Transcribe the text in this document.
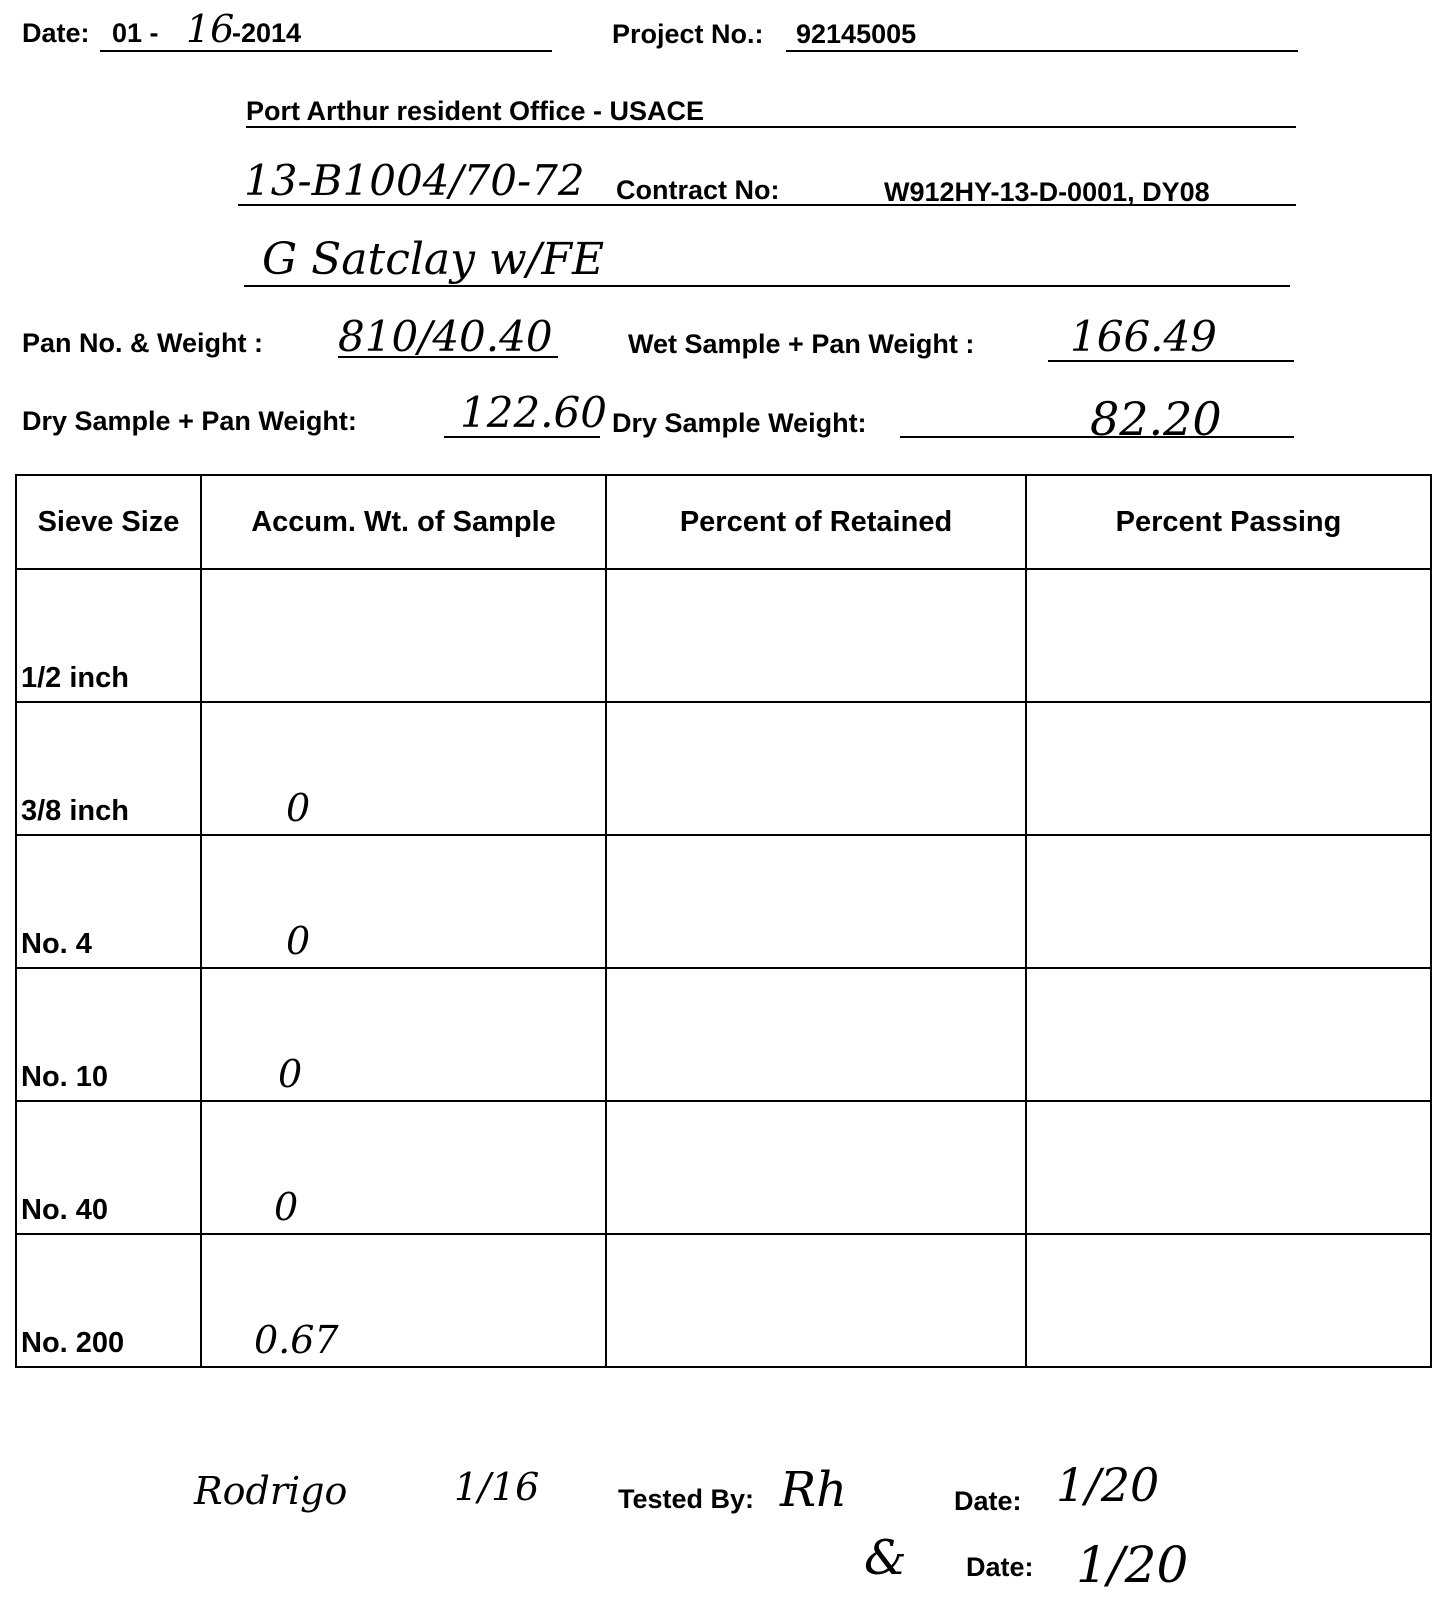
Date: 01 - 16
-2014	Project No.: 92145005
Port Arthur resident Office - USACE
13-B1004/70-72 Contract No:	W912HY-13-D-0001, DY08
G Satclay w/FE
Pan No. & Weight : 810/40.40	Wet Sample + Pan Weight : 166.49
Dry Sample + Pan Weight: 122.60 Dry Sample Weight:	82.20
Sieve Size	Accum. Wt. of Sample	Percent of Retained	Percent Passing

1/2 inch			

3/8 inch	0		

No. 4	0		

No. 10	0		

No. 40	0		

No. 200	0.67		

Rodrigo	1/16	Tested By: Rh	Date: 1/20
& Date: 1/20
